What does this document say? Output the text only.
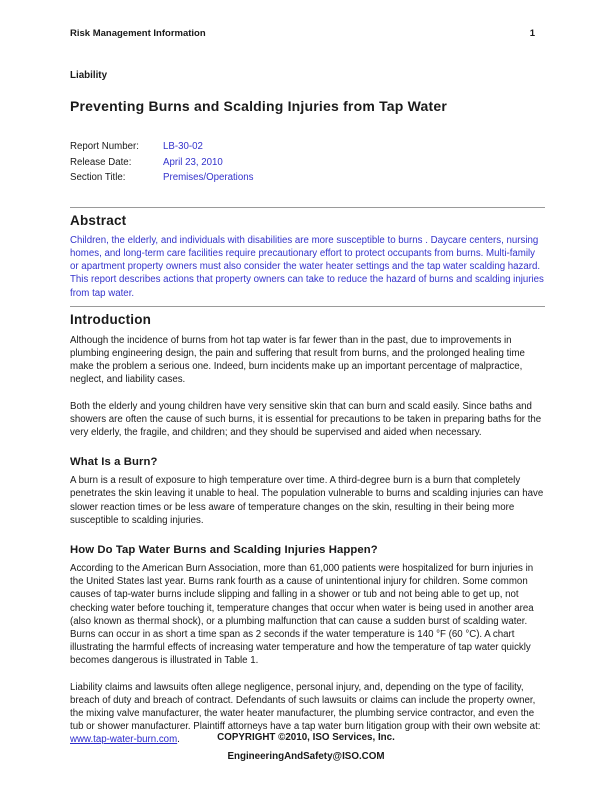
Risk Management Information	1
Liability
Preventing Burns and Scalding Injuries from Tap Water
Report Number:	LB-30-02
Release Date:	April 23, 2010
Section Title:	Premises/Operations
Abstract

Children, the elderly, and individuals with disabilities are more susceptible to burns . Daycare centers, nursing homes, and long-term care facilities require precautionary effort to protect occupants from burns. Multi-family or apartment property owners must also consider the water heater settings and the tap water scalding hazard. This report describes actions that property owners can take to reduce the hazard of burns and scalding injuries from tap water.

Introduction

Although the incidence of burns from hot tap water is far fewer than in the past, due to improvements in plumbing engineering design, the pain and suffering that result from burns, and the prolonged healing time make the problem a serious one. Indeed, burn incidents make up an important percentage of malpractice, neglect, and liability cases.

Both the elderly and young children have very sensitive skin that can burn and scald easily. Since baths and showers are often the cause of such burns, it is essential for precautions to be taken in preparing baths for the very elderly, the fragile, and children; and they should be supervised and aided when necessary.

What Is a Burn?

A burn is a result of exposure to high temperature over time. A third-degree burn is a burn that completely penetrates the skin leaving it unable to heal. The population vulnerable to burns and scalding injuries can have slower reaction times or be less aware of temperature changes on the skin, resulting in their being more susceptible to scalding injuries.

How Do Tap Water Burns and Scalding Injuries Happen?

According to the American Burn Association, more than 61,000 patients were hospitalized for burn injuries in the United States last year. Burns rank fourth as a cause of unintentional injury for children. Some common causes of tap-water burns include slipping and falling in a shower or tub and not being able to get up, not checking water before touching it, temperature changes that occur when water is being used in another area (also known as thermal shock), or a plumbing malfunction that can cause a sudden burst of scalding water. Burns can occur in as short a time span as 2 seconds if the water temperature is 140 °F (60 °C). A chart illustrating the harmful effects of increasing water temperature and how the temperature of tap water quickly becomes dangerous is illustrated in Table 1.

Liability claims and lawsuits often allege negligence, personal injury, and, depending on the type of facility, breach of duty and breach of contract. Defendants of such lawsuits or claims can include the property owner, the mixing valve manufacturer, the water heater manufacturer, the plumbing service contractor, and even the tub or shower manufacturer. Plaintiff attorneys have a tap water burn litigation group with their own website at: www.tap-water-burn.com.	COPYRIGHT ©2010, ISO Services, Inc.
EngineeringAndSafety@ISO.COM
